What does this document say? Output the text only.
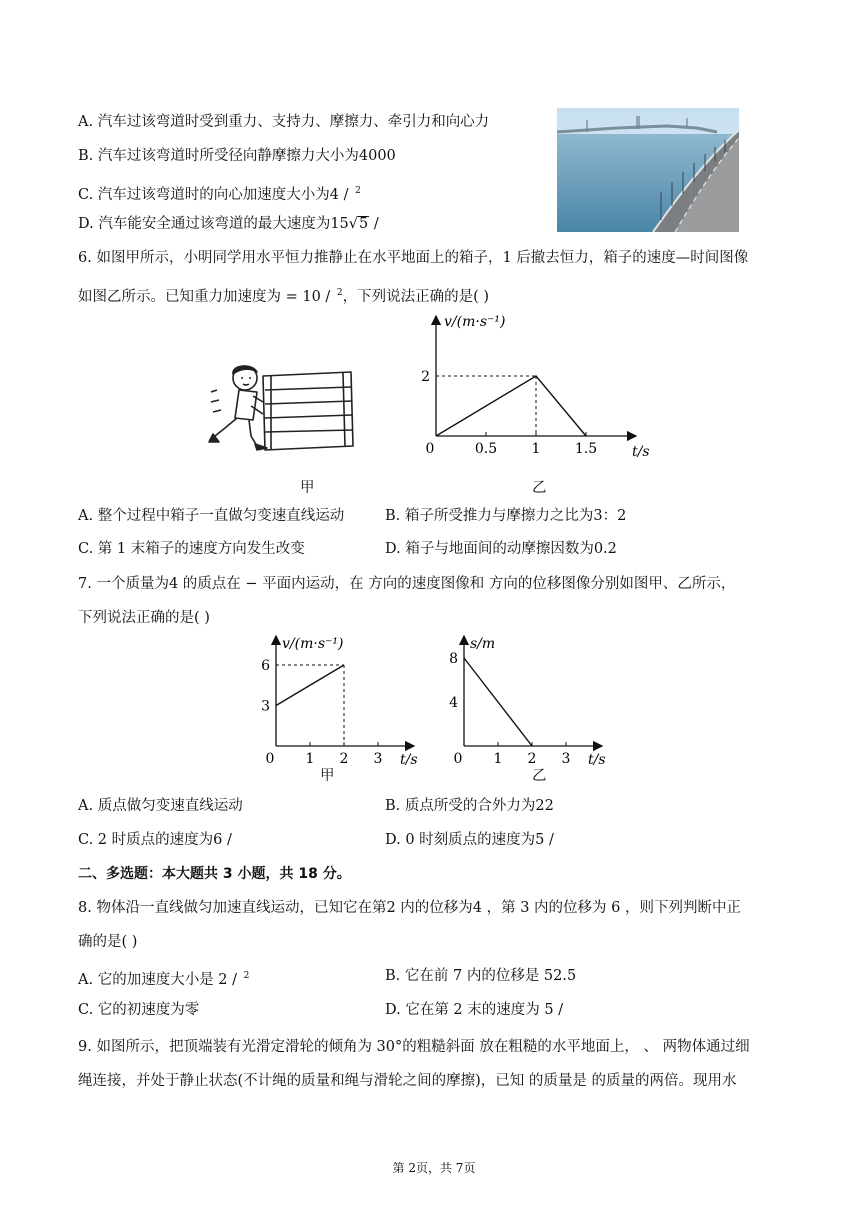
A. 汽车过该弯道时受到重力、支持力、摩擦力、牵引力和向心力
B. 汽车过该弯道时所受径向静摩擦力大小为4000
C. 汽车过该弯道时的向心加速度大小为4 / $^2$
D. 汽车能安全通过该弯道的最大速度为15√5 /
6. 如图甲所示，小明同学用水平恒力推静止在水平地面上的箱子，1 后撤去恒力，箱子的速度—时间图像
如图乙所示。已知重力加速度为 = 10 / $^2$，下列说法正确的是( )
甲
v/(m·s⁻¹)
t/s
0	0.5 1 1.5
2
乙
A. 整个过程中箱子一直做匀变速直线运动	B. 箱子所受推力与摩擦力之比为3：2
C. 第 1 末箱子的速度方向发生改变	D. 箱子与地面间的动摩擦因数为0.2
7. 一个质量为4 的质点在 − 平面内运动，在 方向的速度图像和 方向的位移图像分别如图甲、乙所示，
下列说法正确的是( )
v/(m·s⁻¹)
t/s
0 1 2 3
3
6
甲
s/m
t/s
0 1 2 3
4
8
乙
A. 质点做匀变速直线运动	B. 质点所受的合外力为22
C. 2 时质点的速度为6 /	D. 0 时刻质点的速度为5 /
二、多选题：本大题共 3 小题，共 18 分。
8. 物体沿一直线做匀加速直线运动，已知它在第2 内的位移为4 ，第 3 内的位移为 6 ，则下列判断中正
确的是( )
A. 它的加速度大小是 2 / $^2$	B. 它在前 7 内的位移是 52.5
C. 它的初速度为零	D. 它在第 2 末的速度为 5 /
9. 如图所示，把顶端装有光滑定滑轮的倾角为 30°的粗糙斜面 放在粗糙的水平地面上， 、 两物体通过细
绳连接，并处于静止状态(不计绳的质量和绳与滑轮之间的摩擦)，已知 的质量是 的质量的两倍。现用水
第 2页，共 7页
